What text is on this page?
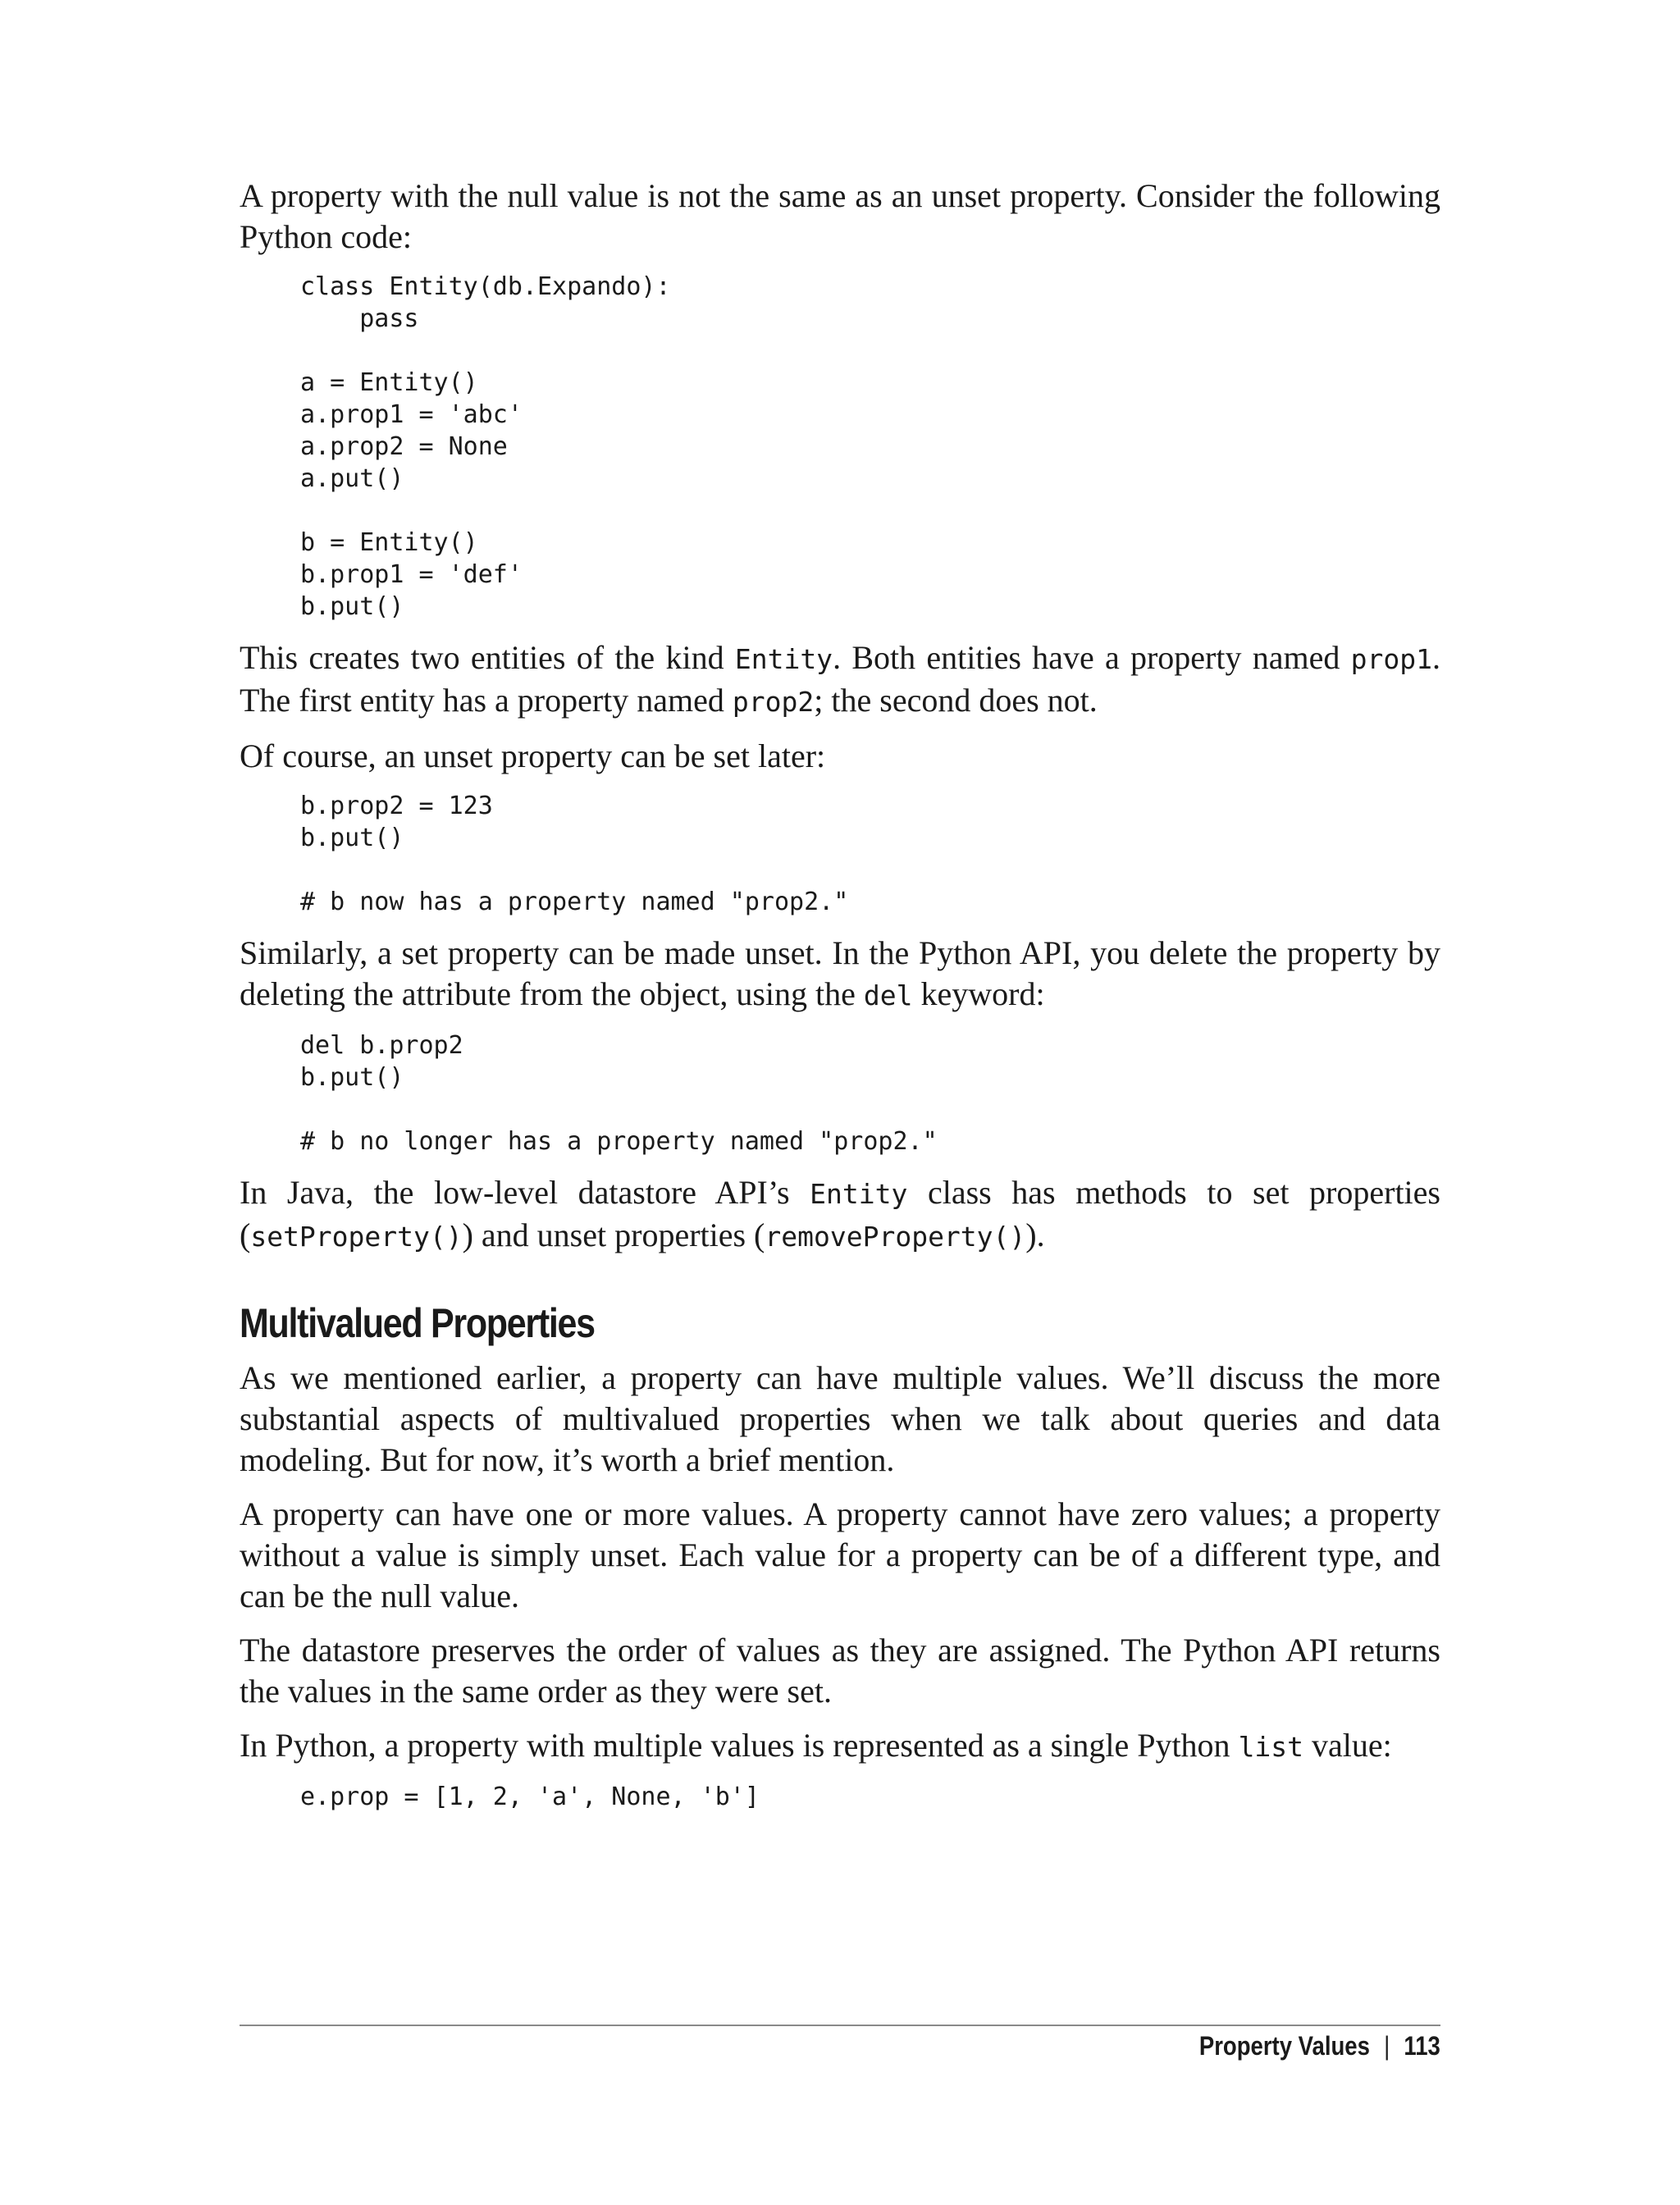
A property with the null value is not the same as an unset property. Consider the following Python code:

class Entity(db.Expando):
pass

a = Entity()
a.prop1 = 'abc'
a.prop2 = None
a.put()

b = Entity()
b.prop1 = 'def'
b.put()

This creates two entities of the kind Entity. Both entities have a property named prop1. The first entity has a property named prop2; the second does not.

Of course, an unset property can be set later:

b.prop2 = 123
b.put()

# b now has a property named "prop2."

Similarly, a set property can be made unset. In the Python API, you delete the property by deleting the attribute from the object, using the del keyword:

del b.prop2
b.put()

# b no longer has a property named "prop2."

In Java, the low-level datastore API’s Entity class has methods to set properties (setProperty()) and unset properties (removeProperty()).

Multivalued Properties

As we mentioned earlier, a property can have multiple values. We’ll discuss the more substantial aspects of multivalued properties when we talk about queries and data modeling. But for now, it’s worth a brief mention.

A property can have one or more values. A property cannot have zero values; a property without a value is simply unset. Each value for a property can be of a different type, and can be the null value.

The datastore preserves the order of values as they are assigned. The Python API returns the values in the same order as they were set.

In Python, a property with multiple values is represented as a single Python list value:

e.prop = [1, 2, 'a', None, 'b']
Property Values | 113
